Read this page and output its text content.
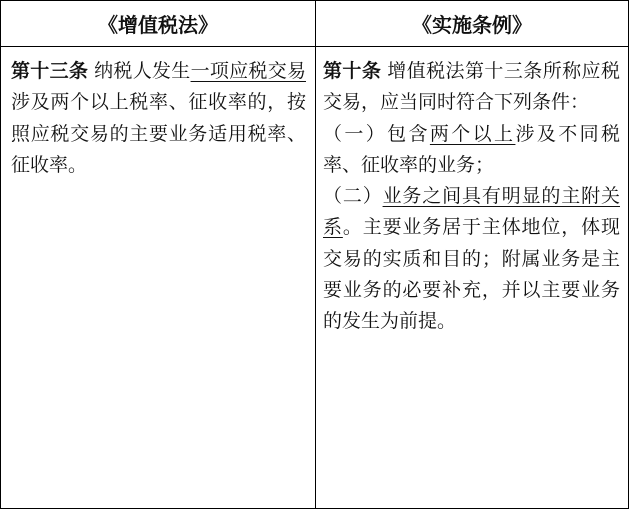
《增值税法》	《实施条例》

第十三条 纳税人发生一项应税交易涉及两个以上税率、征收率的，按照应税交易的主要业务适用税率、征收率。

第十条 增值税法第十三条所称应税交易，应当同时符合下列条件：

（一）包含两个以上涉及不同税率、征收率的业务；

（二）业务之间具有明显的主附关系。主要业务居于主体地位，体现交易的实质和目的；附属业务是主要业务的必要补充，并以主要业务的发生为前提。
